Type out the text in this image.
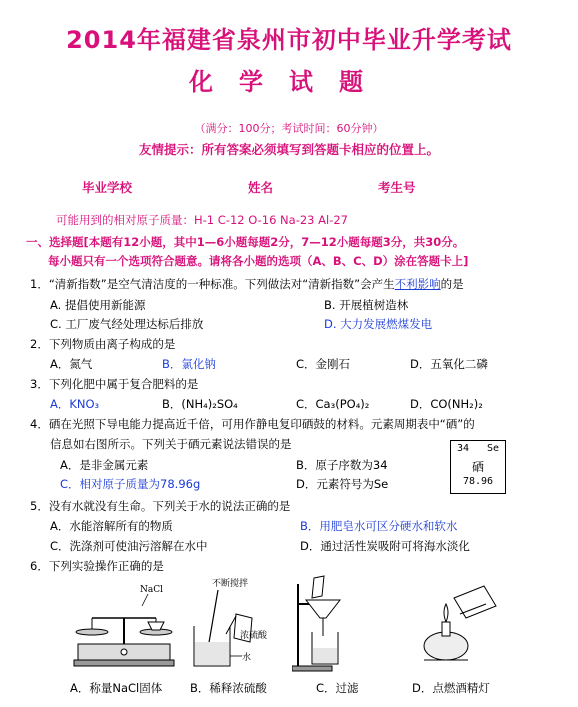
2014年福建省泉州市初中毕业升学考试
化学试题
（满分：100分；考试时间：60分钟）
友情提示：所有答案必须填写到答题卡相应的位置上。
毕业学校	姓名	考生号
可能用到的相对原子质量：H-1 C-12 O-16 Na-23 Al-27
一、选择题[本题有12小题，其中1—6小题每题2分，7—12小题每题3分，共30分。
每小题只有一个选项符合题意。请将各小题的选项（A、B、C、D）涂在答题卡上]
1．“清新指数”是空气清洁度的一种标准。下列做法对“清新指数”会产生不利影响的是
A. 提倡使用新能源	B. 开展植树造林
C. 工厂废气经处理达标后排放	D. 大力发展燃煤发电
2．下列物质由离子构成的是
A．氮气	B．氯化钠	C．金刚石	D．五氧化二磷
3．下列化肥中属于复合肥料的是
A．KNO₃	B．(NH₄)₂SO₄	C．Ca₃(PO₄)₂	D．CO(NH₂)₂
4．硒在光照下导电能力提高近千倍，可用作静电复印硒鼓的材料。元素周期表中“硒”的
信息如右图所示。下列关于硒元素说法错误的是
A．是非金属元素	B．原子序数为34
C．相对原子质量为78.96g	D．元素符号为Se
34 Se
硒
78.96
5．没有水就没有生命。下列关于水的说法正确的是
A．水能溶解所有的物质	B．用肥皂水可区分硬水和软水
C．洗涤剂可使油污溶解在水中	D．通过活性炭吸附可将海水淡化
6．下列实验操作正确的是
NaCl
不断搅拌
浓硫酸
水
A．称量NaCl固体 B．稀释浓硫酸	C．过滤	D．点燃酒精灯
